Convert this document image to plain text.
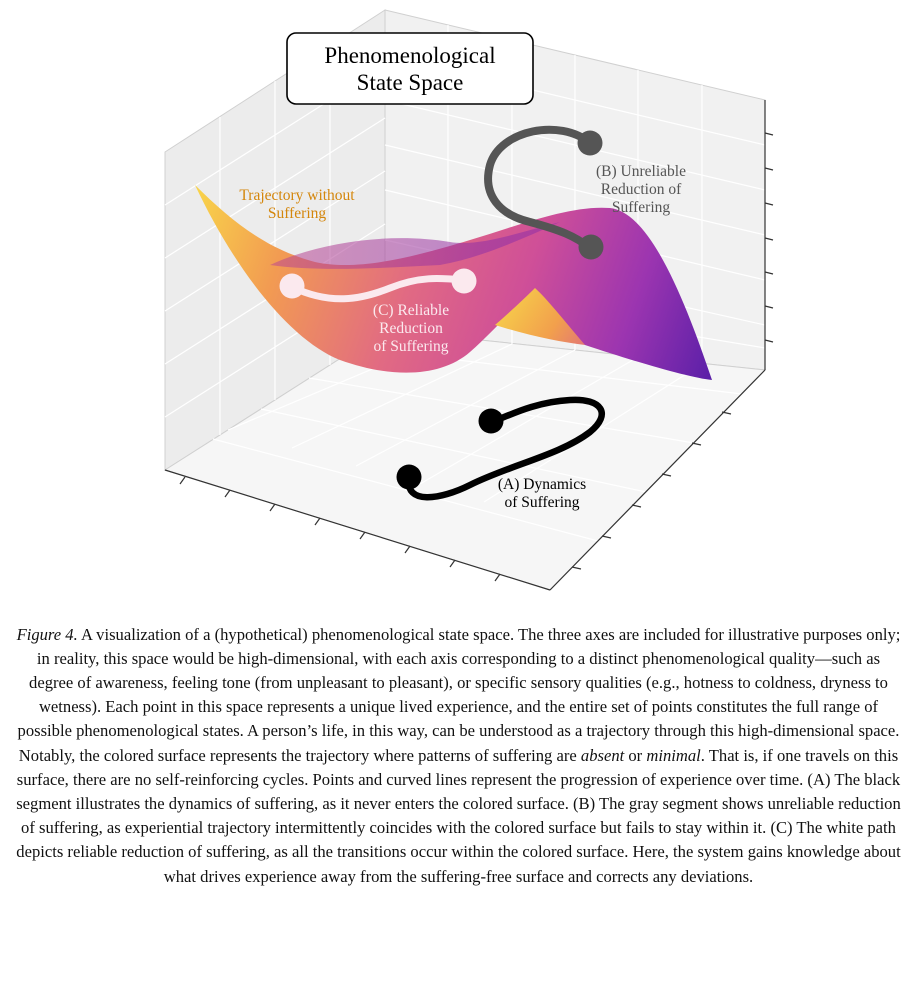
Phenomenological
State Space
Trajectory without
Suffering
(B) Unreliable
Reduction of
Suffering
(C) Reliable
Reduction
of Suffering
(A) Dynamics
of Suffering

Figure 4. A visualization of a (hypothetical) phenomenological state space. The three axes are included for illustrative purposes only; in reality, this space would be high-dimensional, with each axis corresponding to a distinct phenomenological quality—such as degree of awareness, feeling tone (from unpleasant to pleasant), or specific sensory qualities (e.g., hotness to coldness, dryness to wetness). Each point in this space represents a unique lived experience, and the entire set of points constitutes the full range of possible phenomenological states. A person’s life, in this way, can be understood as a trajectory through this high-dimensional space. Notably, the colored surface represents the trajectory where patterns of suffering are absent or minimal. That is, if one travels on this surface, there are no self-reinforcing cycles. Points and curved lines represent the progression of experience over time. (A) The black segment illustrates the dynamics of suffering, as it never enters the colored surface. (B) The gray segment shows unreliable reduction of suffering, as experiential trajectory intermittently coincides with the colored surface but fails to stay within it. (C) The white path depicts reliable reduction of suffering, as all the transitions occur within the colored surface. Here, the system gains knowledge about what drives experience away from the suffering-free surface and corrects any deviations.
